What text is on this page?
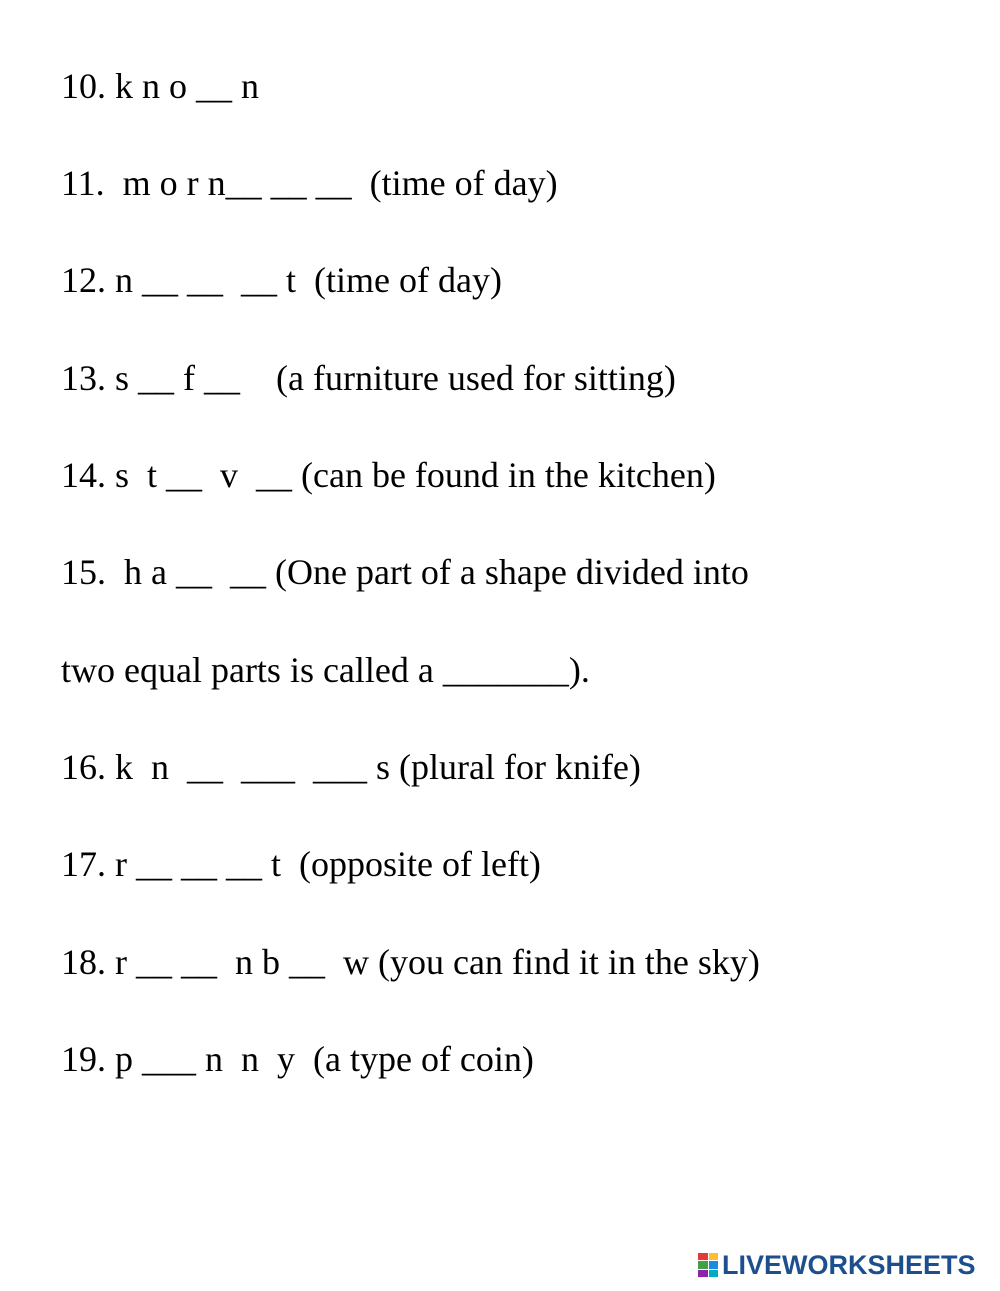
10. k n o __ n
11.  m o r n__ __ __  (time of day)
12. n __ __  __ t  (time of day)
13. s __ f __    (a furniture used for sitting)
14. s  t __  v  __ (can be found in the kitchen)
15.  h a __  __ (One part of a shape divided into
two equal parts is called a _______).
16. k  n  __  ___  ___ s (plural for knife)
17. r __ __ __ t  (opposite of left)
18. r __ __  n b __  w (you can find it in the sky)
19. p ___ n  n  y  (a type of coin)
LIVEWORKSHEETS
